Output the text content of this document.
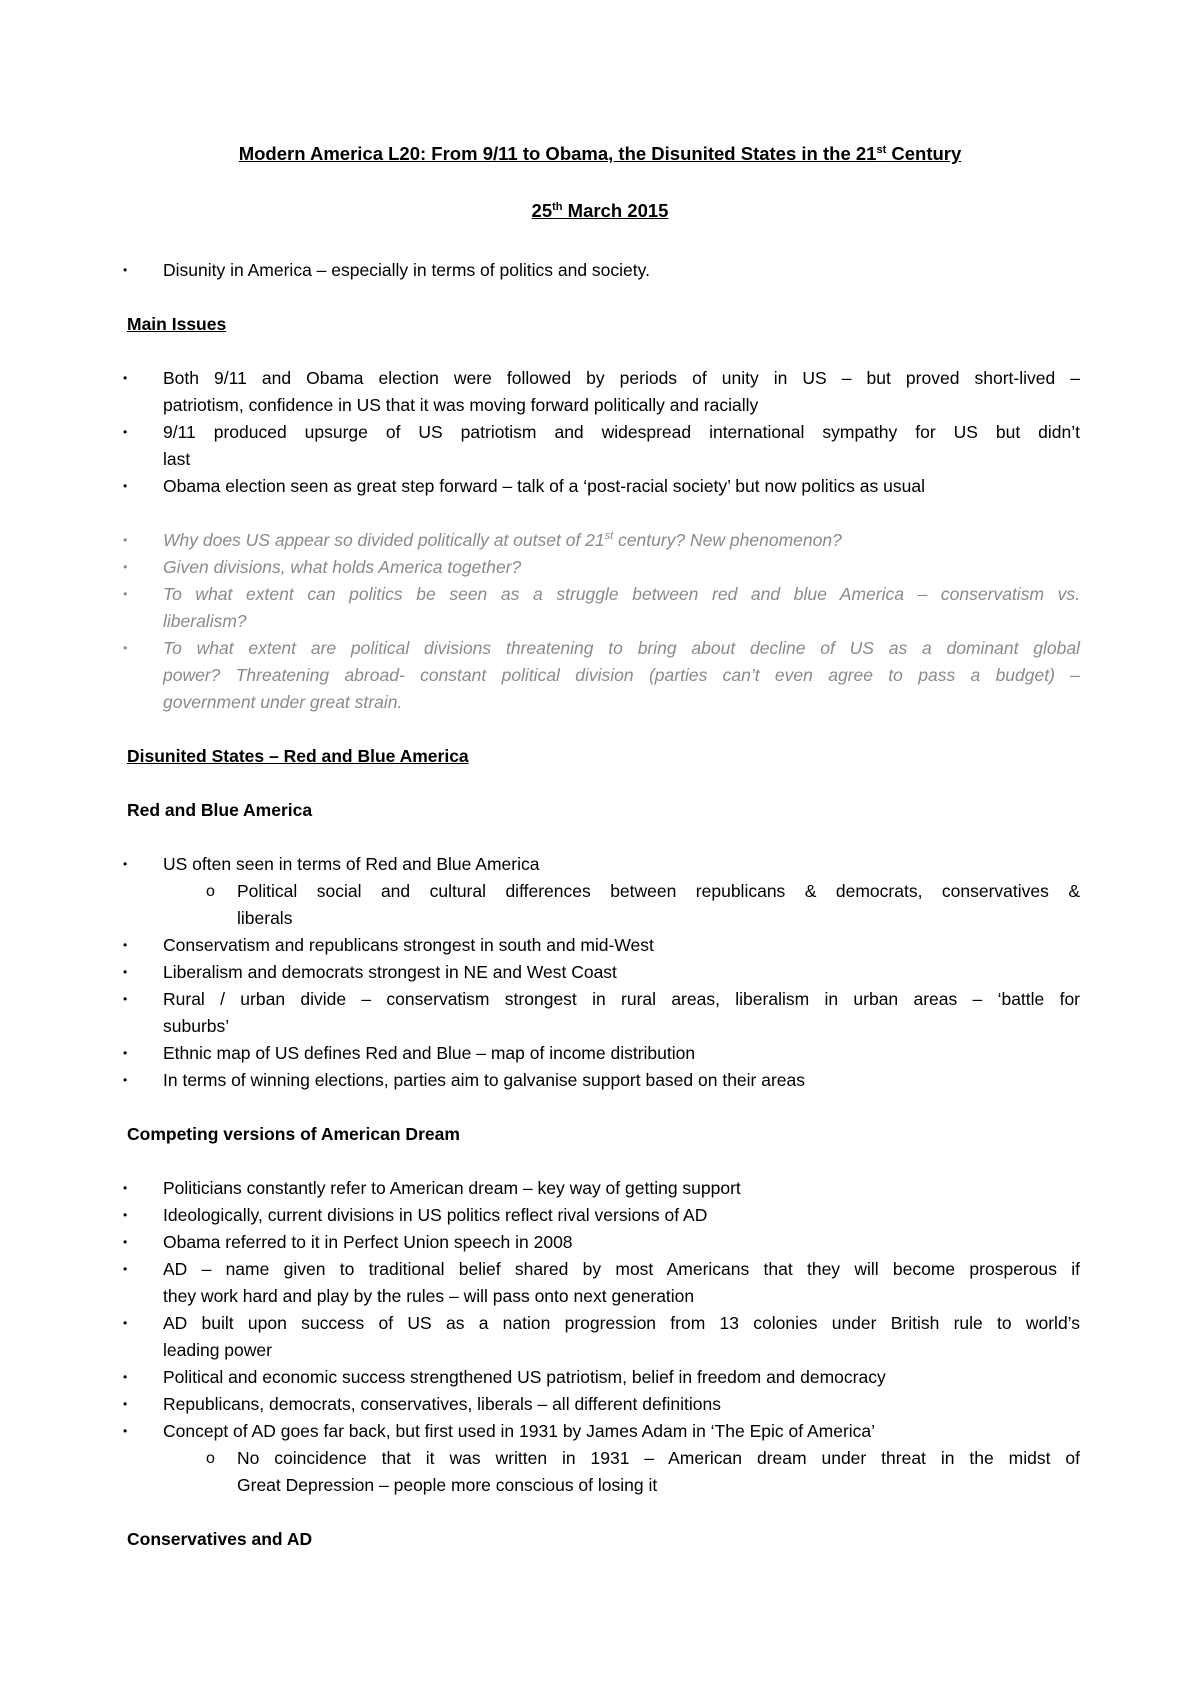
Modern America L20: From 9/11 to Obama, the Disunited States in the 21st Century
25th March 2015
• Disunity in America – especially in terms of politics and society.
Main Issues
• Both 9/11 and Obama election were followed by periods of unity in US – but proved short-lived –
patriotism, confidence in US that it was moving forward politically and racially
• 9/11 produced upsurge of US patriotism and widespread international sympathy for US but didn’t
last
• Obama election seen as great step forward – talk of a ‘post-racial society’ but now politics as usual
• Why does US appear so divided politically at outset of 21st century? New phenomenon?
• Given divisions, what holds America together?
• To what extent can politics be seen as a struggle between red and blue America – conservatism vs.
liberalism?
• To what extent are political divisions threatening to bring about decline of US as a dominant global
power? Threatening abroad- constant political division (parties can’t even agree to pass a budget) –
government under great strain.
Disunited States – Red and Blue America
Red and Blue America
• US often seen in terms of Red and Blue America
o Political social and cultural differences between republicans & democrats, conservatives &
liberals
• Conservatism and republicans strongest in south and mid-West
• Liberalism and democrats strongest in NE and West Coast
• Rural / urban divide – conservatism strongest in rural areas, liberalism in urban areas – ‘battle for
suburbs’
• Ethnic map of US defines Red and Blue – map of income distribution
• In terms of winning elections, parties aim to galvanise support based on their areas
Competing versions of American Dream
• Politicians constantly refer to American dream – key way of getting support
• Ideologically, current divisions in US politics reflect rival versions of AD
• Obama referred to it in Perfect Union speech in 2008
• AD – name given to traditional belief shared by most Americans that they will become prosperous if
they work hard and play by the rules – will pass onto next generation
• AD built upon success of US as a nation progression from 13 colonies under British rule to world’s
leading power
• Political and economic success strengthened US patriotism, belief in freedom and democracy
• Republicans, democrats, conservatives, liberals – all different definitions
• Concept of AD goes far back, but first used in 1931 by James Adam in ‘The Epic of America’
o No coincidence that it was written in 1931 – American dream under threat in the midst of
Great Depression – people more conscious of losing it
Conservatives and AD
